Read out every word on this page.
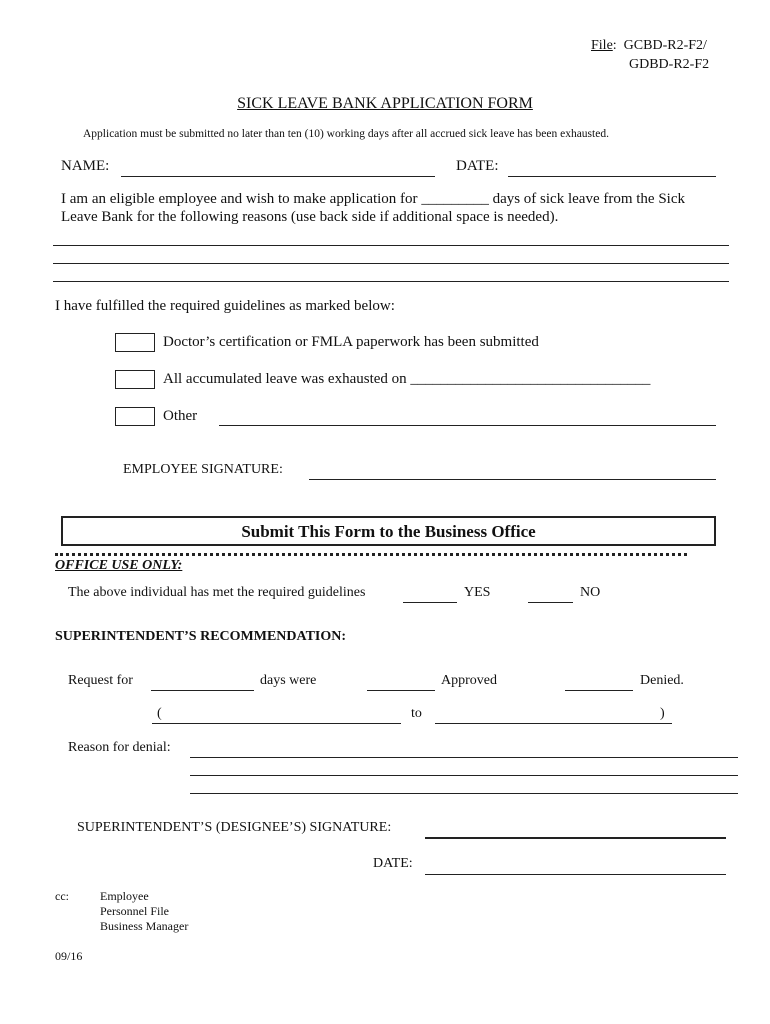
File:  GCBD-R2-F2/
GDBD-R2-F2
SICK LEAVE BANK APPLICATION FORM
Application must be submitted no later than ten (10) working days after all accrued sick leave has been exhausted.
NAME:	DATE:
I am an eligible employee and wish to make application for _________ days of sick leave from the Sick
Leave Bank for the following reasons (use back side if additional space is needed).
I have fulfilled the required guidelines as marked below:
Doctor’s certification or FMLA paperwork has been submitted
All accumulated leave was exhausted on ________________________________
Other
EMPLOYEE SIGNATURE:
Submit This Form to the Business Office
OFFICE USE ONLY:
The above individual has met the required guidelines	YES	NO
SUPERINTENDENT’S RECOMMENDATION:
Request for	days were	Approved	Denied.
(	to	)
Reason for denial:
SUPERINTENDENT’S (DESIGNEE’S) SIGNATURE:
DATE:
cc:	Employee
Personnel File
Business Manager
09/16
